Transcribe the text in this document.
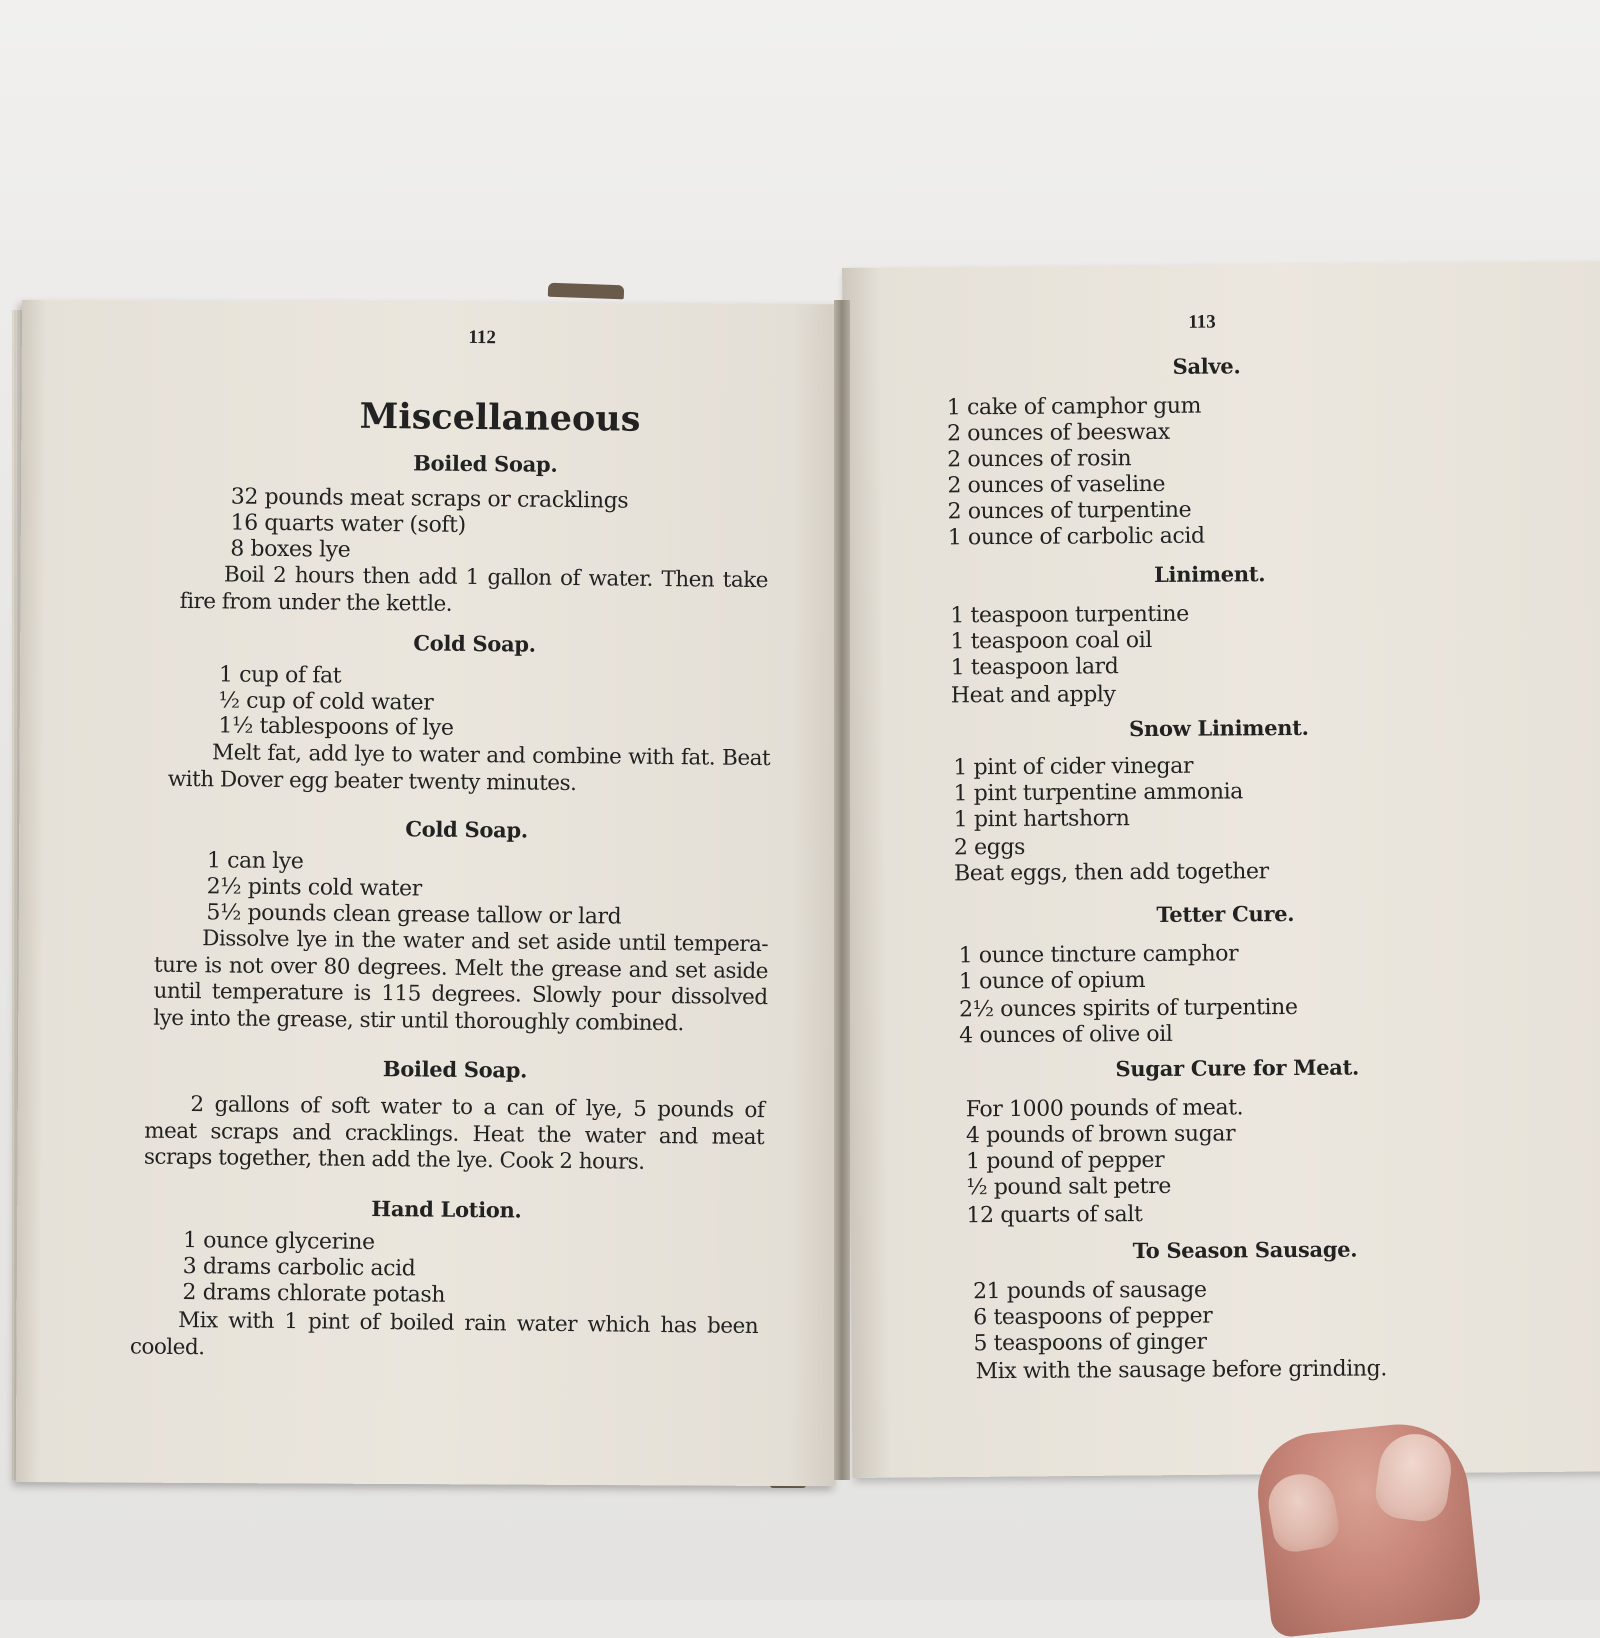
112
Miscellaneous
Boiled Soap.
32 pounds meat scraps or cracklings
16 quarts water (soft)
8 boxes lye
Boil 2 hours then add 1 gallon of water. Then take fire from under the kettle.
Cold Soap.
1 cup of fat
½ cup of cold water
1½ tablespoons of lye
Melt fat, add lye to water and combine with fat. Beat with Dover egg beater twenty minutes.
Cold Soap.
1 can lye
2½ pints cold water
5½ pounds clean grease tallow or lard
Dissolve lye in the water and set aside until tempera-ture is not over 80 degrees. Melt the grease and set aside until temperature is 115 degrees. Slowly pour dissolved lye into the grease, stir until thoroughly combined.
Boiled Soap.
2 gallons of soft water to a can of lye, 5 pounds of meat scraps and cracklings. Heat the water and meat scraps together, then add the lye. Cook 2 hours.
Hand Lotion.
1 ounce glycerine
3 drams carbolic acid
2 drams chlorate potash
Mix with 1 pint of boiled rain water which has been cooled.
113
Salve.
1 cake of camphor gum
2 ounces of beeswax
2 ounces of rosin
2 ounces of vaseline
2 ounces of turpentine
1 ounce of carbolic acid
Liniment.
1 teaspoon turpentine
1 teaspoon coal oil
1 teaspoon lard
Heat and apply
Snow Liniment.
1 pint of cider vinegar
1 pint turpentine ammonia
1 pint hartshorn
2 eggs
Beat eggs, then add together
Tetter Cure.
1 ounce tincture camphor
1 ounce of opium
2½ ounces spirits of turpentine
4 ounces of olive oil
Sugar Cure for Meat.
For 1000 pounds of meat.
4 pounds of brown sugar
1 pound of pepper
½ pound salt petre
12 quarts of salt
To Season Sausage.
21 pounds of sausage
6 teaspoons of pepper
5 teaspoons of ginger
Mix with the sausage before grinding.
